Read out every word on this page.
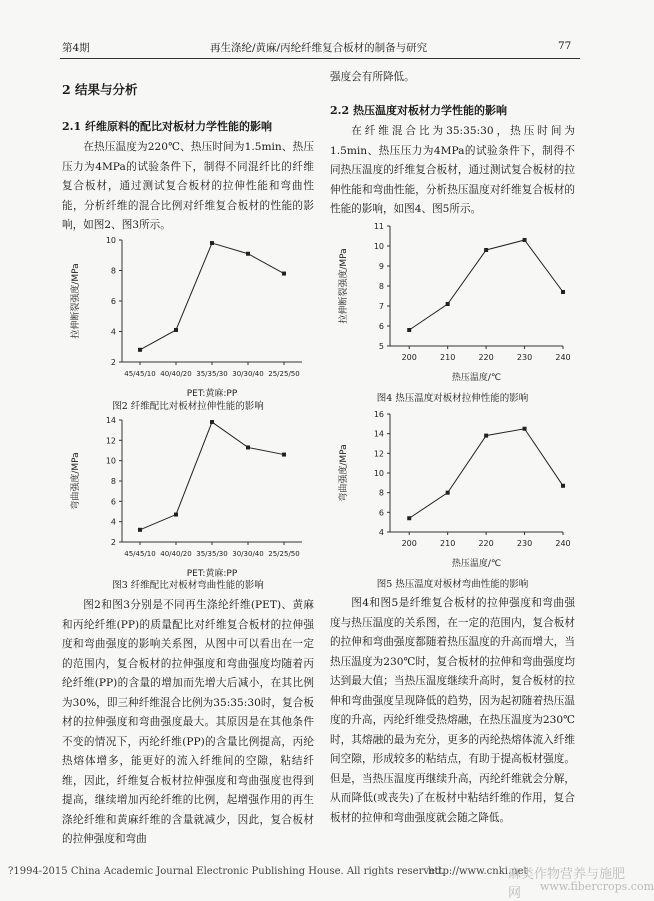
第4期	再生涤纶/黄麻/丙纶纤维复合板材的制备与研究	77
2 结果与分析
2.1 纤维原料的配比对板材力学性能的影响

在热压温度为220℃、热压时间为1.5min、热压压力为4MPa的试验条件下，制得不同混纤比的纤维复合板材，通过测试复合板材的拉伸性能和弯曲性能，分析纤维的混合比例对纤维复合板材的性能的影响，如图2、图3所示。

2
4
6
8
10
45/45/10 40/40/20 35/35/30 30/30/40 25/25/50
PET:黄麻:PP
拉伸断裂强度/MPa
图2 纤维配比对板材拉伸性能的影响
2
4
6
8
10
12
14
45/45/10 40/40/20 35/35/30 30/30/40 25/25/50
PET:黄麻:PP
弯曲强度/MPa
图3 纤维配比对板材弯曲性能的影响

图2和图3分别是不同再生涤纶纤维(PET)、黄麻和丙纶纤维(PP)的质量配比对纤维复合板材的拉伸强度和弯曲强度的影响关系图，从图中可以看出在一定的范围内，复合板材的拉伸强度和弯曲强度均随着丙纶纤维(PP)的含量的增加而先增大后减小，在其比例为30%，即三种纤维混合比例为35:35:30时，复合板材的拉伸强度和弯曲强度最大。其原因是在其他条件不变的情况下，丙纶纤维(PP)的含量比例提高，丙纶热熔体增多，能更好的流入纤维间的空隙，粘结纤维，因此，纤维复合板材拉伸强度和弯曲强度也得到提高，继续增加丙纶纤维的比例，起增强作用的再生涤纶纤维和黄麻纤维的含量就减少，因此，复合板材的拉伸强度和弯曲

强度会有所降低。

2.2 热压温度对板材力学性能的影响

在纤维混合比为35:35:30，热压时间为1.5min、热压压力为4MPa的试验条件下，制得不同热压温度的纤维复合板材，通过测试复合板材的拉伸性能和弯曲性能，分析热压温度对纤维复合板材的性能的影响，如图4、图5所示。

5
6
7
8
9
10
11
200	210	220	230	240
热压温度/℃
拉伸断裂强度/MPa
图4 热压温度对板材拉伸性能的影响
4
6
8
10
12
14
16
200	210	220	230	240
热压温度/℃
弯曲强度/MPa
图5 热压温度对板材弯曲性能的影响

图4和图5是纤维复合板材的拉伸强度和弯曲强度与热压温度的关系图，在一定的范围内，复合板材的拉伸和弯曲强度都随着热压温度的升高而增大，当热压温度为230℃时，复合板材的拉伸和弯曲强度均达到最大值；当热压温度继续升高时，复合板材的拉伸和弯曲强度呈现降低的趋势，因为起初随着热压温度的升高，丙纶纤维受热熔融，在热压温度为230℃时，其熔融的最为充分，更多的丙纶热熔体流入纤维间空隙，形成较多的粘结点，有助于提高板材强度。但是，当热压温度再继续升高，丙纶纤维就会分解，从而降低(或丧失)了在板材中粘结纤维的作用，复合板材的拉伸和弯曲强度就会随之降低。

?1994-2015 China Academic Journal Electronic Publishing House. All rights reserved.
http://www.cnki.net
麻类作物营养与施肥网	www.fibercrops.com
